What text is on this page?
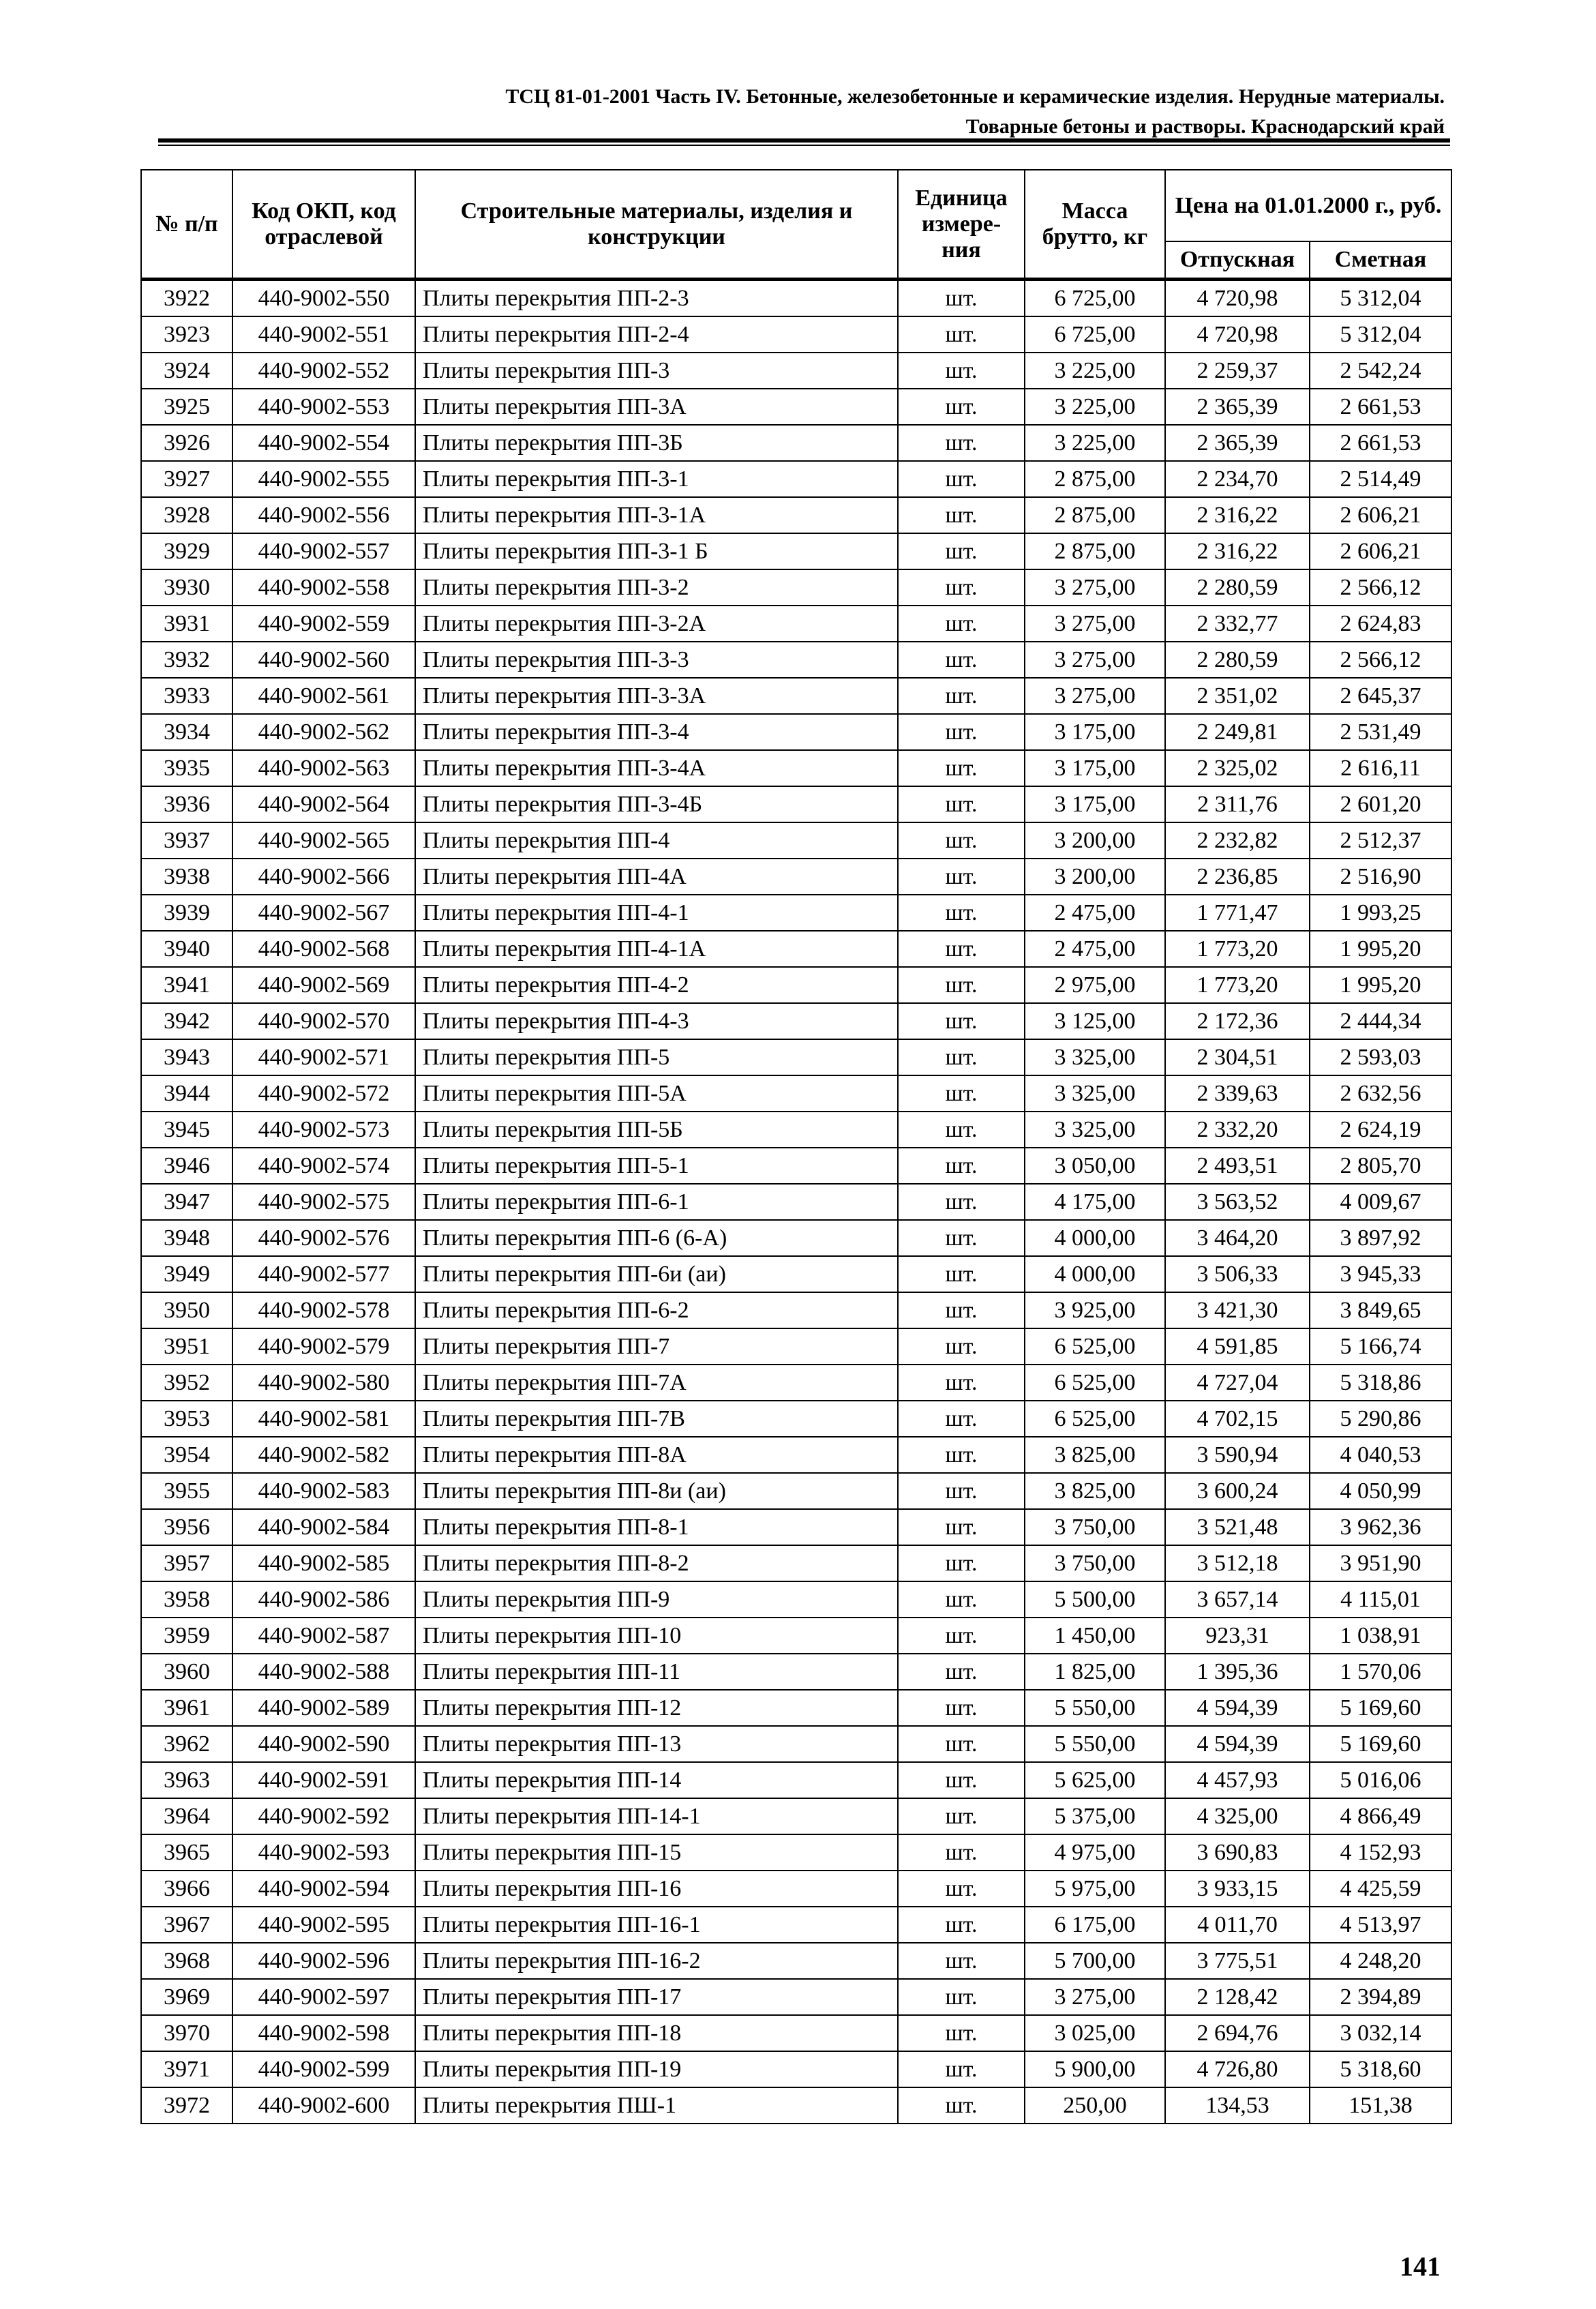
ТСЦ 81-01-2001 Часть IV. Бетонные, железобетонные и керамические изделия. Нерудные материалы.
Товарные бетоны и растворы. Краснодарский край
№ п/п	Код ОКП, код отраслевой	Строительные материалы, изделия и конструкции	Единица измере-ния	Масса брутто, кг	Цена на 01.01.2000 г., руб.	
					Отпускная	Сметная
3922	440-9002-550	Плиты перекрытия ПП-2-3	шт.	6 725,00	4 720,98	5 312,04
3923	440-9002-551	Плиты перекрытия ПП-2-4	шт.	6 725,00	4 720,98	5 312,04
3924	440-9002-552	Плиты перекрытия ПП-3	шт.	3 225,00	2 259,37	2 542,24
3925	440-9002-553	Плиты перекрытия ПП-3А	шт.	3 225,00	2 365,39	2 661,53
3926	440-9002-554	Плиты перекрытия ПП-3Б	шт.	3 225,00	2 365,39	2 661,53
3927	440-9002-555	Плиты перекрытия ПП-3-1	шт.	2 875,00	2 234,70	2 514,49
3928	440-9002-556	Плиты перекрытия ПП-3-1А	шт.	2 875,00	2 316,22	2 606,21
3929	440-9002-557	Плиты перекрытия ПП-3-1 Б	шт.	2 875,00	2 316,22	2 606,21
3930	440-9002-558	Плиты перекрытия ПП-3-2	шт.	3 275,00	2 280,59	2 566,12
3931	440-9002-559	Плиты перекрытия ПП-3-2А	шт.	3 275,00	2 332,77	2 624,83
3932	440-9002-560	Плиты перекрытия ПП-3-3	шт.	3 275,00	2 280,59	2 566,12
3933	440-9002-561	Плиты перекрытия ПП-3-3А	шт.	3 275,00	2 351,02	2 645,37
3934	440-9002-562	Плиты перекрытия ПП-3-4	шт.	3 175,00	2 249,81	2 531,49
3935	440-9002-563	Плиты перекрытия ПП-3-4А	шт.	3 175,00	2 325,02	2 616,11
3936	440-9002-564	Плиты перекрытия ПП-3-4Б	шт.	3 175,00	2 311,76	2 601,20
3937	440-9002-565	Плиты перекрытия ПП-4	шт.	3 200,00	2 232,82	2 512,37
3938	440-9002-566	Плиты перекрытия ПП-4А	шт.	3 200,00	2 236,85	2 516,90
3939	440-9002-567	Плиты перекрытия ПП-4-1	шт.	2 475,00	1 771,47	1 993,25
3940	440-9002-568	Плиты перекрытия ПП-4-1А	шт.	2 475,00	1 773,20	1 995,20
3941	440-9002-569	Плиты перекрытия ПП-4-2	шт.	2 975,00	1 773,20	1 995,20
3942	440-9002-570	Плиты перекрытия ПП-4-3	шт.	3 125,00	2 172,36	2 444,34
3943	440-9002-571	Плиты перекрытия ПП-5	шт.	3 325,00	2 304,51	2 593,03
3944	440-9002-572	Плиты перекрытия ПП-5А	шт.	3 325,00	2 339,63	2 632,56
3945	440-9002-573	Плиты перекрытия ПП-5Б	шт.	3 325,00	2 332,20	2 624,19
3946	440-9002-574	Плиты перекрытия ПП-5-1	шт.	3 050,00	2 493,51	2 805,70
3947	440-9002-575	Плиты перекрытия ПП-6-1	шт.	4 175,00	3 563,52	4 009,67
3948	440-9002-576	Плиты перекрытия ПП-6 (6-А)	шт.	4 000,00	3 464,20	3 897,92
3949	440-9002-577	Плиты перекрытия ПП-6и (аи)	шт.	4 000,00	3 506,33	3 945,33
3950	440-9002-578	Плиты перекрытия ПП-6-2	шт.	3 925,00	3 421,30	3 849,65
3951	440-9002-579	Плиты перекрытия ПП-7	шт.	6 525,00	4 591,85	5 166,74
3952	440-9002-580	Плиты перекрытия ПП-7А	шт.	6 525,00	4 727,04	5 318,86
3953	440-9002-581	Плиты перекрытия ПП-7В	шт.	6 525,00	4 702,15	5 290,86
3954	440-9002-582	Плиты перекрытия ПП-8А	шт.	3 825,00	3 590,94	4 040,53
3955	440-9002-583	Плиты перекрытия ПП-8и (аи)	шт.	3 825,00	3 600,24	4 050,99
3956	440-9002-584	Плиты перекрытия ПП-8-1	шт.	3 750,00	3 521,48	3 962,36
3957	440-9002-585	Плиты перекрытия ПП-8-2	шт.	3 750,00	3 512,18	3 951,90
3958	440-9002-586	Плиты перекрытия ПП-9	шт.	5 500,00	3 657,14	4 115,01
3959	440-9002-587	Плиты перекрытия ПП-10	шт.	1 450,00	923,31	1 038,91
3960	440-9002-588	Плиты перекрытия ПП-11	шт.	1 825,00	1 395,36	1 570,06
3961	440-9002-589	Плиты перекрытия ПП-12	шт.	5 550,00	4 594,39	5 169,60
3962	440-9002-590	Плиты перекрытия ПП-13	шт.	5 550,00	4 594,39	5 169,60
3963	440-9002-591	Плиты перекрытия ПП-14	шт.	5 625,00	4 457,93	5 016,06
3964	440-9002-592	Плиты перекрытия ПП-14-1	шт.	5 375,00	4 325,00	4 866,49
3965	440-9002-593	Плиты перекрытия ПП-15	шт.	4 975,00	3 690,83	4 152,93
3966	440-9002-594	Плиты перекрытия ПП-16	шт.	5 975,00	3 933,15	4 425,59
3967	440-9002-595	Плиты перекрытия ПП-16-1	шт.	6 175,00	4 011,70	4 513,97
3968	440-9002-596	Плиты перекрытия ПП-16-2	шт.	5 700,00	3 775,51	4 248,20
3969	440-9002-597	Плиты перекрытия ПП-17	шт.	3 275,00	2 128,42	2 394,89
3970	440-9002-598	Плиты перекрытия ПП-18	шт.	3 025,00	2 694,76	3 032,14
3971	440-9002-599	Плиты перекрытия ПП-19	шт.	5 900,00	4 726,80	5 318,60
3972	440-9002-600	Плиты перекрытия ПШ-1	шт.	250,00	134,53	151,38
141
